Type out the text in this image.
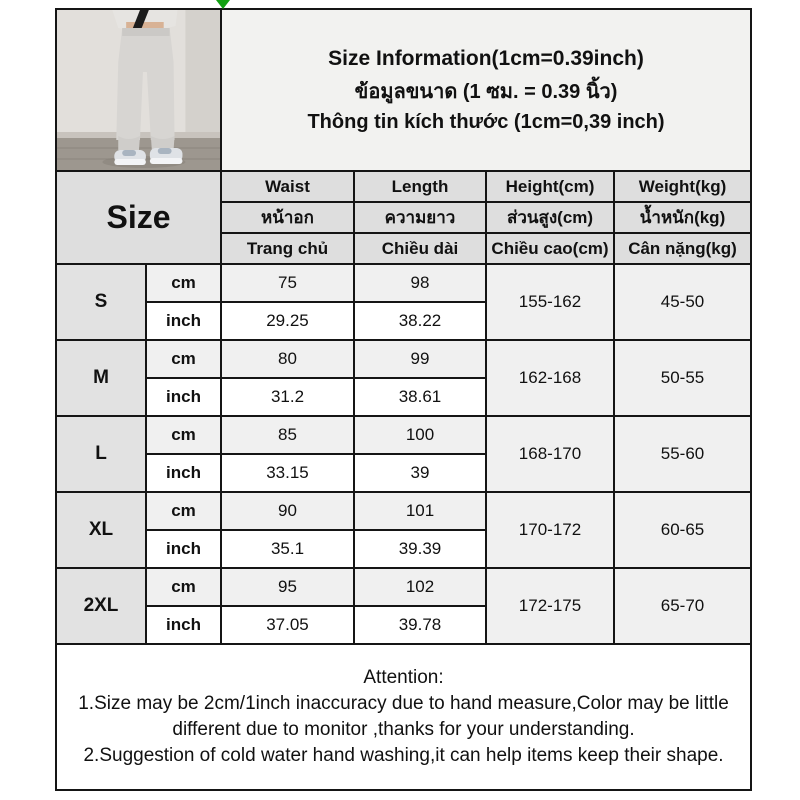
Size Information(1cm=0.39inch)
ข้อมูลขนาด (1 ซม. = 0.39 นิ้ว)
Thông tin kích thước (1cm=0,39 inch)			

Size		Waist	Length	Height(cm)	Weight(kg)
		หน้าอก	ความยาว	ส่วนสูง(cm)	น้ำหนัก(kg)
		Trang chủ	Chiều dài	Chiều cao(cm)	Cân nặng(kg)
S	cm	75	98	155-162	45-50
	inch	29.25	38.22		
M	cm	80	99	162-168	50-55
	inch	31.2	38.61		
L	cm	85	100	168-170	55-60
	inch	33.15	39		
XL	cm	90	101	170-172	60-65
	inch	35.1	39.39		
2XL	cm	95	102	172-175	65-70
	inch	37.05	39.78		

Attention:
1.Size may be 2cm/1inch inaccuracy due to hand measure,Color may be little different due to monitor ,thanks for your understanding.
2.Suggestion of cold water hand washing,it can help items keep their shape.					
